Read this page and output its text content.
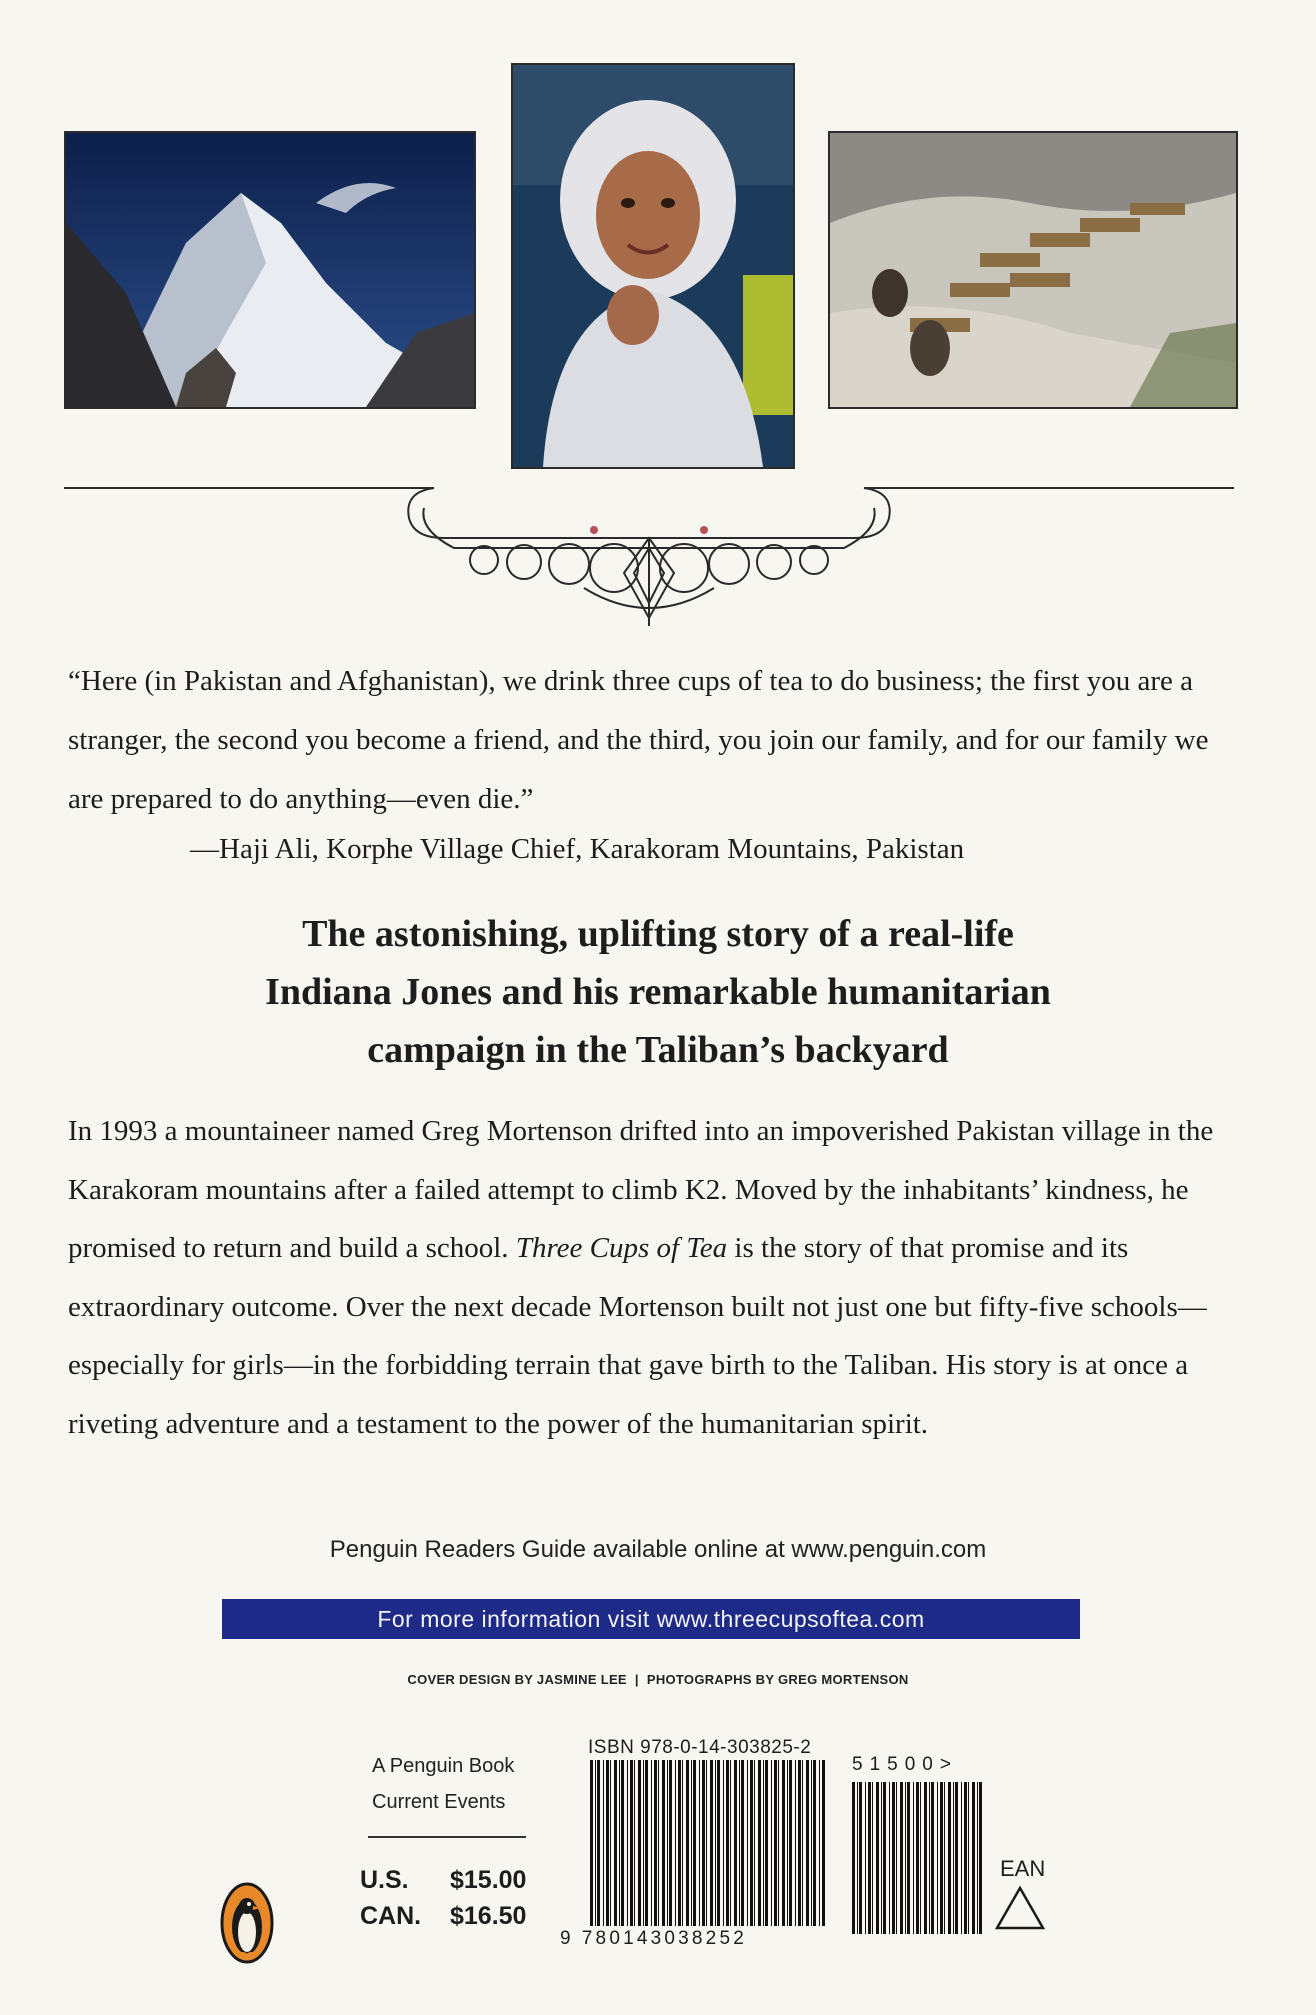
“Here (in Pakistan and Afghanistan), we drink three cups of tea to do business; the first you are a stranger, the second you become a friend, and the third, you join our family, and for our family we are prepared to do anything—even die.”

—Haji Ali, Korphe Village Chief, Karakoram Mountains, Pakistan
The astonishing, uplifting story of a real-life
Indiana Jones and his remarkable humanitarian
campaign in the Taliban’s backyard

In 1993 a mountaineer named Greg Mortenson drifted into an impoverished Pakistan village in the Karakoram mountains after a failed attempt to climb K2. Moved by the inhabitants’ kindness, he promised to return and build a school. Three Cups of Tea is the story of that promise and its extraordinary outcome. Over the next decade Mortenson built not just one but fifty-five schools—especially for girls—in the forbidding terrain that gave birth to the Taliban. His story is at once a riveting adventure and a testament to the power of the humanitarian spirit.

Penguin Readers Guide available online at www.penguin.com
For more information visit www.threecupsoftea.com
COVER DESIGN BY JASMINE LEE | PHOTOGRAPHS BY GREG MORTENSON
A Penguin Book
Current Events
U.S.	$15.00
CAN.	$16.50
ISBN 978-0-14-303825-2
9 780143038252
51500>
EAN
